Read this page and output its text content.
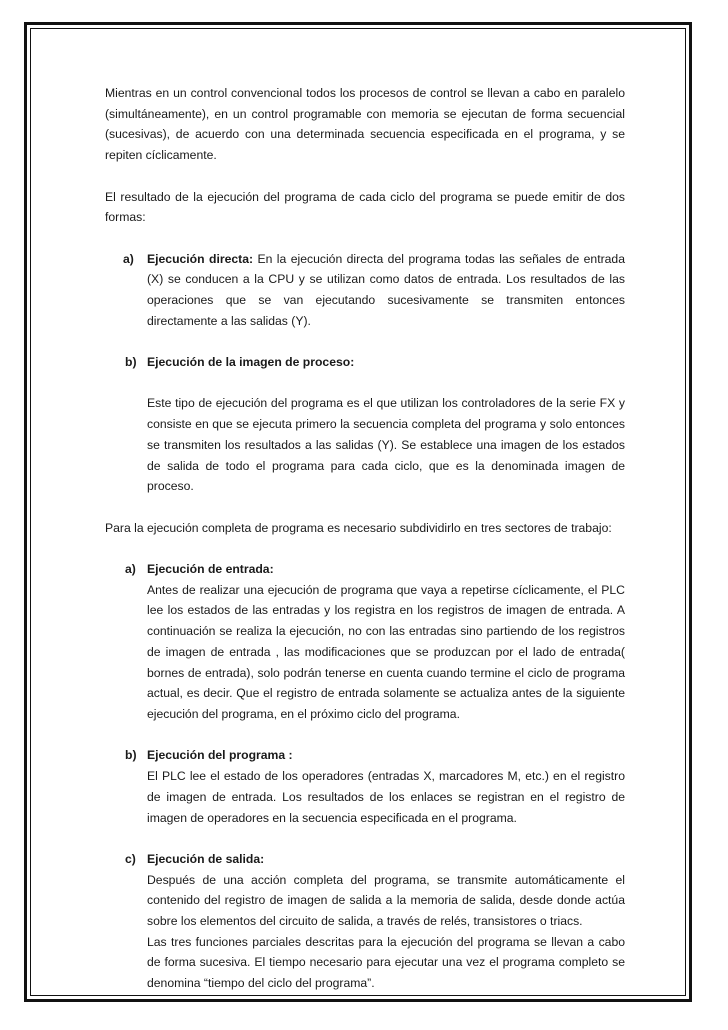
Mientras en un control convencional todos los procesos de control se llevan a cabo en paralelo (simultáneamente), en un control programable con memoria se ejecutan de forma secuencial (sucesivas), de acuerdo con una determinada secuencia especificada en el programa, y se repiten cíclicamente.

El resultado de la ejecución del programa de cada ciclo del programa se puede emitir de dos formas:

a) Ejecución directa: En la ejecución directa del programa todas las señales de entrada (X) se conducen a la CPU y se utilizan como datos de entrada. Los resultados de las operaciones que se van ejecutando sucesivamente se transmiten entonces directamente a las salidas (Y).

b) Ejecución de la imagen de proceso:

Este tipo de ejecución del programa es el que utilizan los controladores de la serie FX y consiste en que se ejecuta primero la secuencia completa del programa y solo entonces se transmiten los resultados a las salidas (Y). Se establece una imagen de los estados de salida de todo el programa para cada ciclo, que es la denominada imagen de proceso.

Para la ejecución completa de programa es necesario subdividirlo en tres sectores de trabajo:

a) Ejecución de entrada:

Antes de realizar una ejecución de programa que vaya a repetirse cíclicamente, el PLC lee los estados de las entradas y los registra en los registros de imagen de entrada. A continuación se realiza la ejecución, no con las entradas sino partiendo de los registros de imagen de entrada , las modificaciones que se produzcan por el lado de entrada( bornes de entrada), solo podrán tenerse en cuenta cuando termine el ciclo de programa actual, es decir. Que el registro de entrada solamente se actualiza antes de la siguiente ejecución del programa, en el próximo ciclo del programa.

b) Ejecución del programa :

El PLC lee el estado de los operadores (entradas X, marcadores M, etc.) en el registro de imagen de entrada. Los resultados de los enlaces se registran en el registro de imagen de operadores en la secuencia especificada en el programa.

c) Ejecución de salida:

Después de una acción completa del programa, se transmite automáticamente el contenido del registro de imagen de salida a la memoria de salida, desde donde actúa sobre los elementos del circuito de salida, a través de relés, transistores o triacs.

Las tres funciones parciales descritas para la ejecución del programa se llevan a cabo de forma sucesiva. El tiempo necesario para ejecutar una vez el programa completo se denomina “tiempo del ciclo del programa”.
